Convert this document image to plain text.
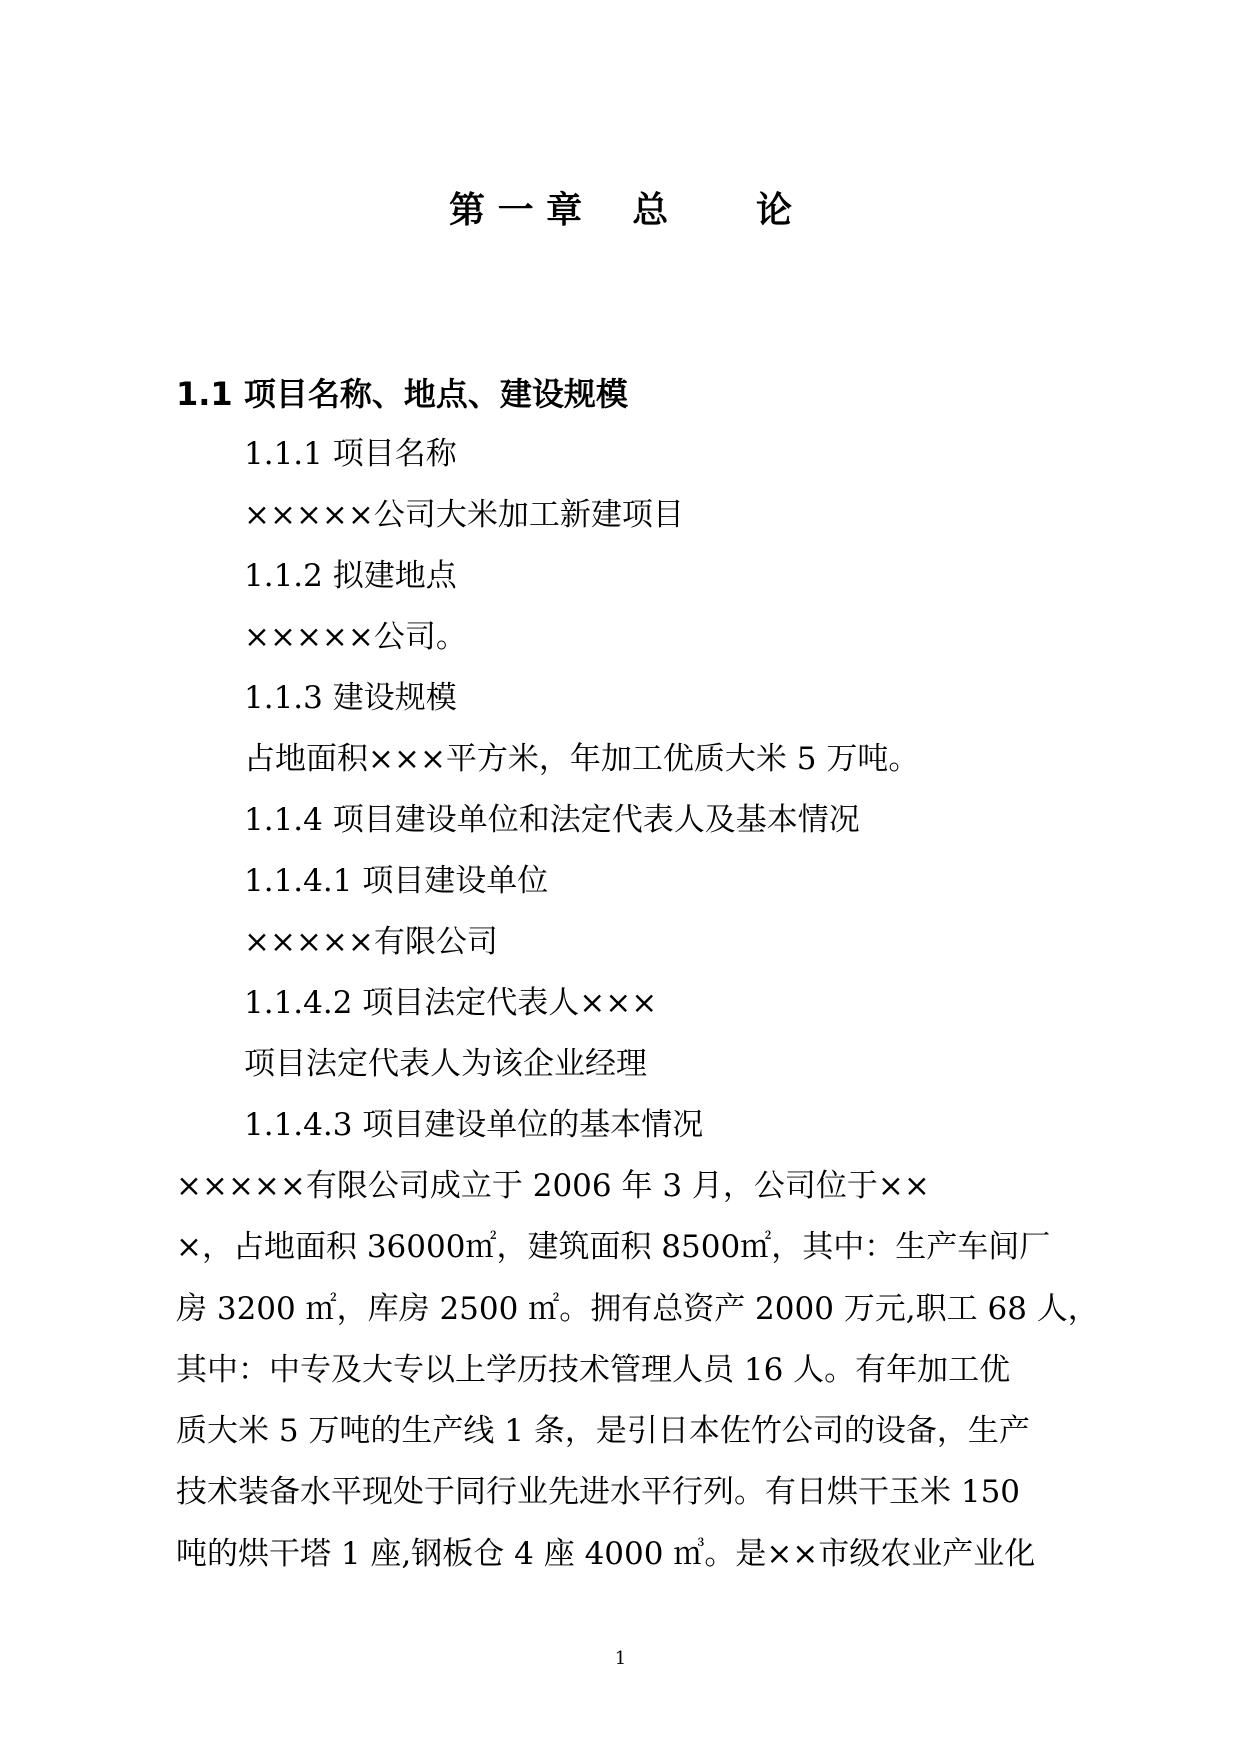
第 一 章    总       论
1.1 项目名称、地点、建设规模
1.1.1 项目名称
×××××公司大米加工新建项目
1.1.2 拟建地点
×××××公司。
1.1.3 建设规模
占地面积×××平方米，年加工优质大米 5 万吨。
1.1.4 项目建设单位和法定代表人及基本情况
1.1.4.1 项目建设单位
×××××有限公司
1.1.4.2 项目法定代表人×××
项目法定代表人为该企业经理
1.1.4.3 项目建设单位的基本情况
×××××有限公司成立于 2006 年 3 月，公司位于××
×，占地面积 36000㎡，建筑面积 8500㎡，其中：生产车间厂
房 3200 ㎡，库房 2500 ㎡。拥有总资产 2000 万元,职工 68 人，
其中：中专及大专以上学历技术管理人员 16 人。有年加工优
质大米 5 万吨的生产线 1 条，是引日本佐竹公司的设备，生产
技术装备水平现处于同行业先进水平行列。有日烘干玉米 150
吨的烘干塔 1 座,钢板仓 4 座 4000 ㎥。是××市级农业产业化
1
